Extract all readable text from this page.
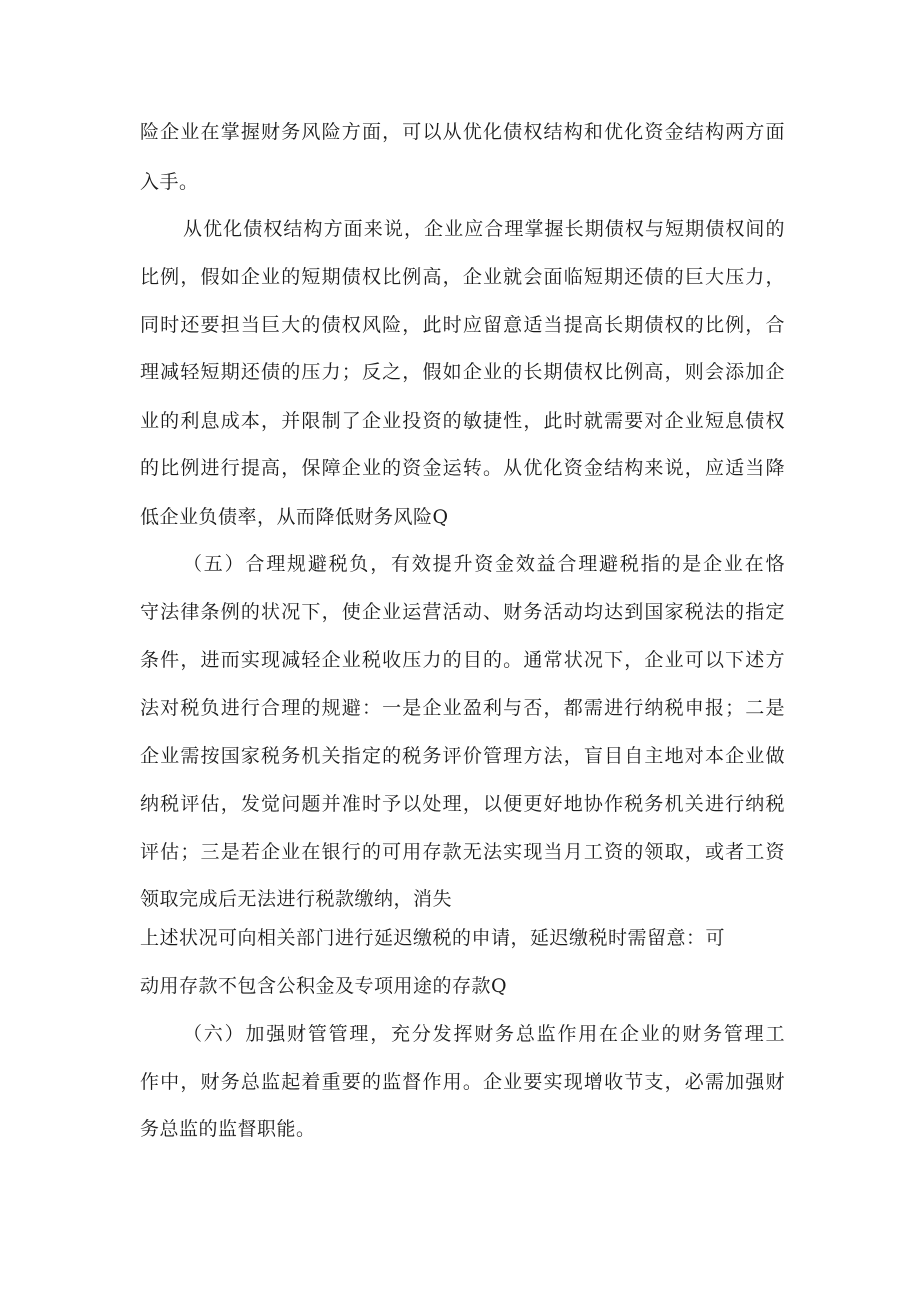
险企业在掌握财务风险方面，可以从优化债权结构和优化资金结构两方面
入手。
从优化债权结构方面来说，企业应合理掌握长期债权与短期债权间的
比例，假如企业的短期债权比例高，企业就会面临短期还债的巨大压力，
同时还要担当巨大的债权风险，此时应留意适当提高长期债权的比例，合
理减轻短期还债的压力；反之，假如企业的长期债权比例高，则会添加企
业的利息成本，并限制了企业投资的敏捷性，此时就需要对企业短息债权
的比例进行提高，保障企业的资金运转。从优化资金结构来说，应适当降
低企业负债率，从而降低财务风险Q
（五）合理规避税负，有效提升资金效益合理避税指的是企业在恪
守法律条例的状况下，使企业运营活动、财务活动均达到国家税法的指定
条件，进而实现减轻企业税收压力的目的。通常状况下，企业可以下述方
法对税负进行合理的规避：一是企业盈利与否，都需进行纳税申报；二是
企业需按国家税务机关指定的税务评价管理方法，盲目自主地对本企业做
纳税评估，发觉问题并准时予以处理，以便更好地协作税务机关进行纳税
评估；三是若企业在银行的可用存款无法实现当月工资的领取，或者工资
领取完成后无法进行税款缴纳，消失
上述状况可向相关部门进行延迟缴税的申请，延迟缴税时需留意：可
动用存款不包含公积金及专项用途的存款Q
（六）加强财管管理，充分发挥财务总监作用在企业的财务管理工
作中，财务总监起着重要的监督作用。企业要实现增收节支，必需加强财
务总监的监督职能。
